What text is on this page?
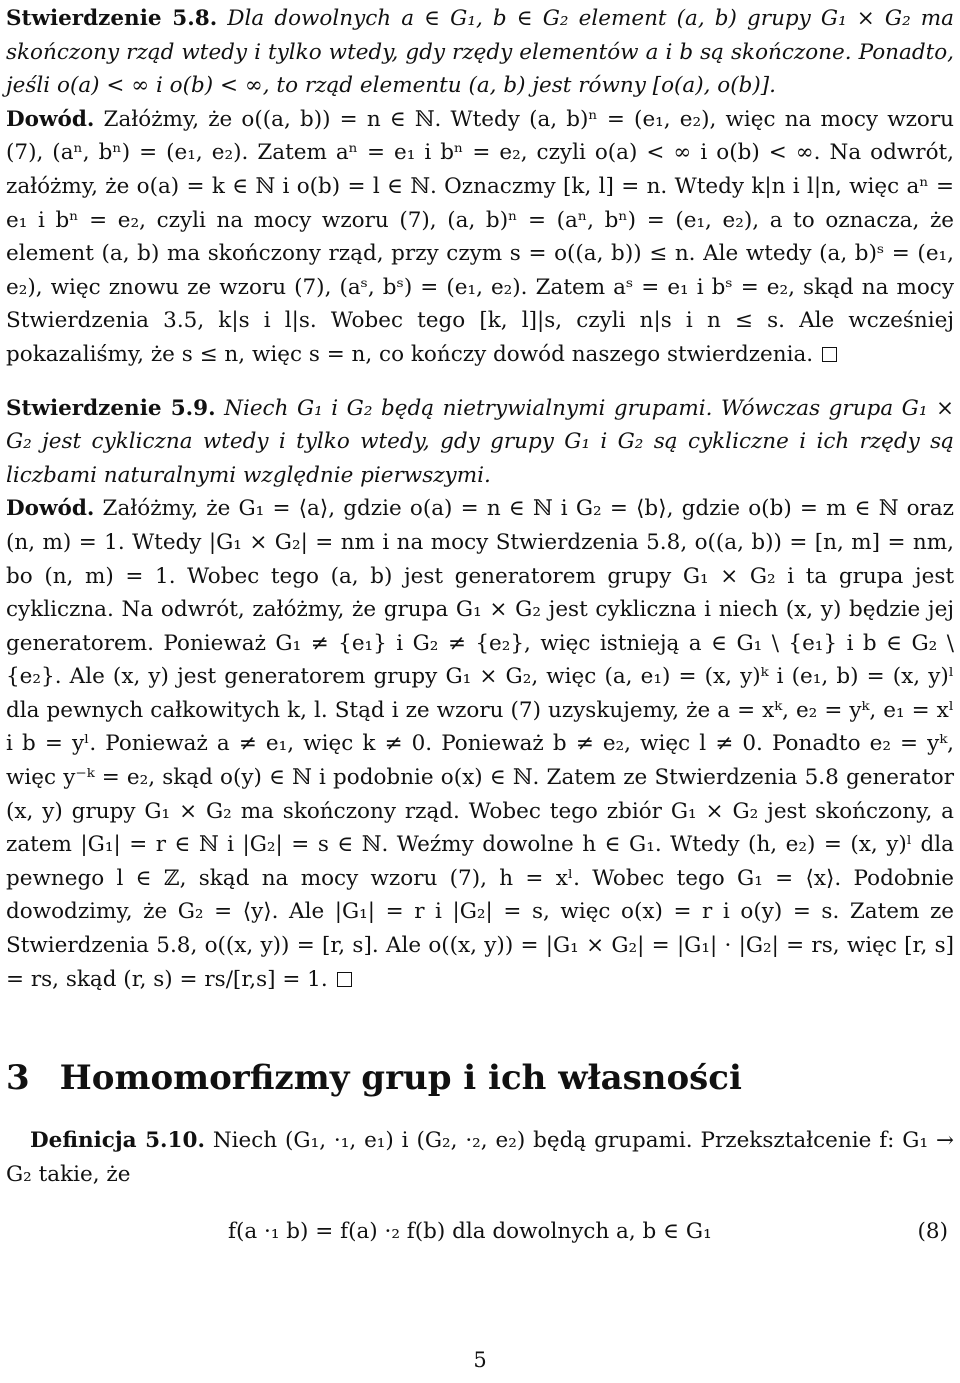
Stwierdzenie 5.8. Dla dowolnych a ∈ G₁, b ∈ G₂ element (a, b) grupy G₁ × G₂ ma skończony rząd wtedy i tylko wtedy, gdy rzędy elementów a i b są skończone. Ponadto, jeśli o(a) < ∞ i o(b) < ∞, to rząd elementu (a, b) jest równy [o(a), o(b)].

Dowód. Załóżmy, że o((a, b)) = n ∈ ℕ. Wtedy (a, b)ⁿ = (e₁, e₂), więc na mocy wzoru (7), (aⁿ, bⁿ) = (e₁, e₂). Zatem aⁿ = e₁ i bⁿ = e₂, czyli o(a) < ∞ i o(b) < ∞. Na odwrót, załóżmy, że o(a) = k ∈ ℕ i o(b) = l ∈ ℕ. Oznaczmy [k, l] = n. Wtedy k|n i l|n, więc aⁿ = e₁ i bⁿ = e₂, czyli na mocy wzoru (7), (a, b)ⁿ = (aⁿ, bⁿ) = (e₁, e₂), a to oznacza, że element (a, b) ma skończony rząd, przy czym s = o((a, b)) ≤ n. Ale wtedy (a, b)ˢ = (e₁, e₂), więc znowu ze wzoru (7), (aˢ, bˢ) = (e₁, e₂). Zatem aˢ = e₁ i bˢ = e₂, skąd na mocy Stwierdzenia 3.5, k|s i l|s. Wobec tego [k, l]|s, czyli n|s i n ≤ s. Ale wcześniej pokazaliśmy, że s ≤ n, więc s = n, co kończy dowód naszego stwierdzenia.

Stwierdzenie 5.9. Niech G₁ i G₂ będą nietrywialnymi grupami. Wówczas grupa G₁ × G₂ jest cykliczna wtedy i tylko wtedy, gdy grupy G₁ i G₂ są cykliczne i ich rzędy są liczbami naturalnymi względnie pierwszymi.

Dowód. Załóżmy, że G₁ = ⟨a⟩, gdzie o(a) = n ∈ ℕ i G₂ = ⟨b⟩, gdzie o(b) = m ∈ ℕ oraz (n, m) = 1. Wtedy |G₁ × G₂| = nm i na mocy Stwierdzenia 5.8, o((a, b)) = [n, m] = nm, bo (n, m) = 1. Wobec tego (a, b) jest generatorem grupy G₁ × G₂ i ta grupa jest cykliczna. Na odwrót, załóżmy, że grupa G₁ × G₂ jest cykliczna i niech (x, y) będzie jej generatorem. Ponieważ G₁ ≠ {e₁} i G₂ ≠ {e₂}, więc istnieją a ∈ G₁ \ {e₁} i b ∈ G₂ \ {e₂}. Ale (x, y) jest generatorem grupy G₁ × G₂, więc (a, e₁) = (x, y)ᵏ i (e₁, b) = (x, y)ˡ dla pewnych całkowitych k, l. Stąd i ze wzoru (7) uzyskujemy, że a = xᵏ, e₂ = yᵏ, e₁ = xˡ i b = yˡ. Ponieważ a ≠ e₁, więc k ≠ 0. Ponieważ b ≠ e₂, więc l ≠ 0. Ponadto e₂ = yᵏ, więc y⁻ᵏ = e₂, skąd o(y) ∈ ℕ i podobnie o(x) ∈ ℕ. Zatem ze Stwierdzenia 5.8 generator (x, y) grupy G₁ × G₂ ma skończony rząd. Wobec tego zbiór G₁ × G₂ jest skończony, a zatem |G₁| = r ∈ ℕ i |G₂| = s ∈ ℕ. Weźmy dowolne h ∈ G₁. Wtedy (h, e₂) = (x, y)ˡ dla pewnego l ∈ ℤ, skąd na mocy wzoru (7), h = xˡ. Wobec tego G₁ = ⟨x⟩. Podobnie dowodzimy, że G₂ = ⟨y⟩. Ale |G₁| = r i |G₂| = s, więc o(x) = r i o(y) = s. Zatem ze Stwierdzenia 5.8, o((x, y)) = [r, s]. Ale o((x, y)) = |G₁ × G₂| = |G₁| · |G₂| = rs, więc [r, s] = rs, skąd (r, s) = rs/[r,s] = 1.

3 Homomorfizmy grup i ich własności

Definicja 5.10. Niech (G₁, ·₁, e₁) i (G₂, ·₂, e₂) będą grupami. Przekształcenie f: G₁ → G₂ takie, że

f(a ·₁ b) = f(a) ·₂ f(b) dla dowolnych a, b ∈ G₁	(8)
5
